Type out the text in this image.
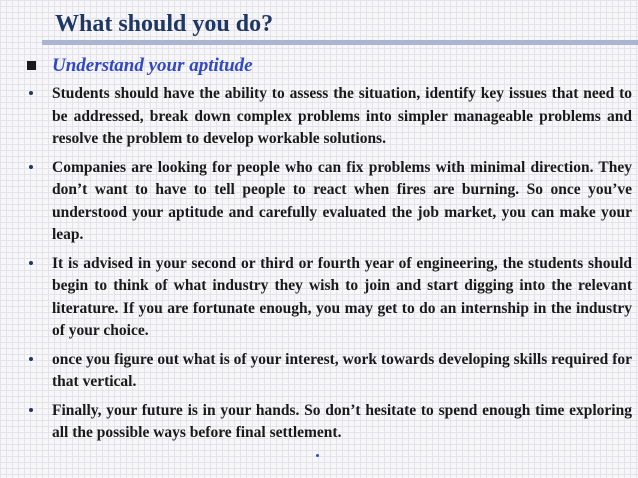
What should you do?
Understand your aptitude
Students should have the ability to assess the situation, identify key issues that need to be addressed, break down complex problems into simpler manageable problems and resolve the problem to develop workable solutions.
Companies are looking for people who can fix problems with minimal direction. They don’t want to have to tell people to react when fires are burning. So once you’ve understood your aptitude and carefully evaluated the job market, you can make your leap.
It is advised in your second or third or fourth year of engineering, the students should begin to think of what industry they wish to join and start digging into the relevant literature. If you are fortunate enough, you may get to do an internship in the industry of your choice.
once you figure out what is of your interest, work towards developing skills required for that vertical.
Finally, your future is in your hands. So don’t hesitate to spend enough time exploring all the possible ways before final settlement.
